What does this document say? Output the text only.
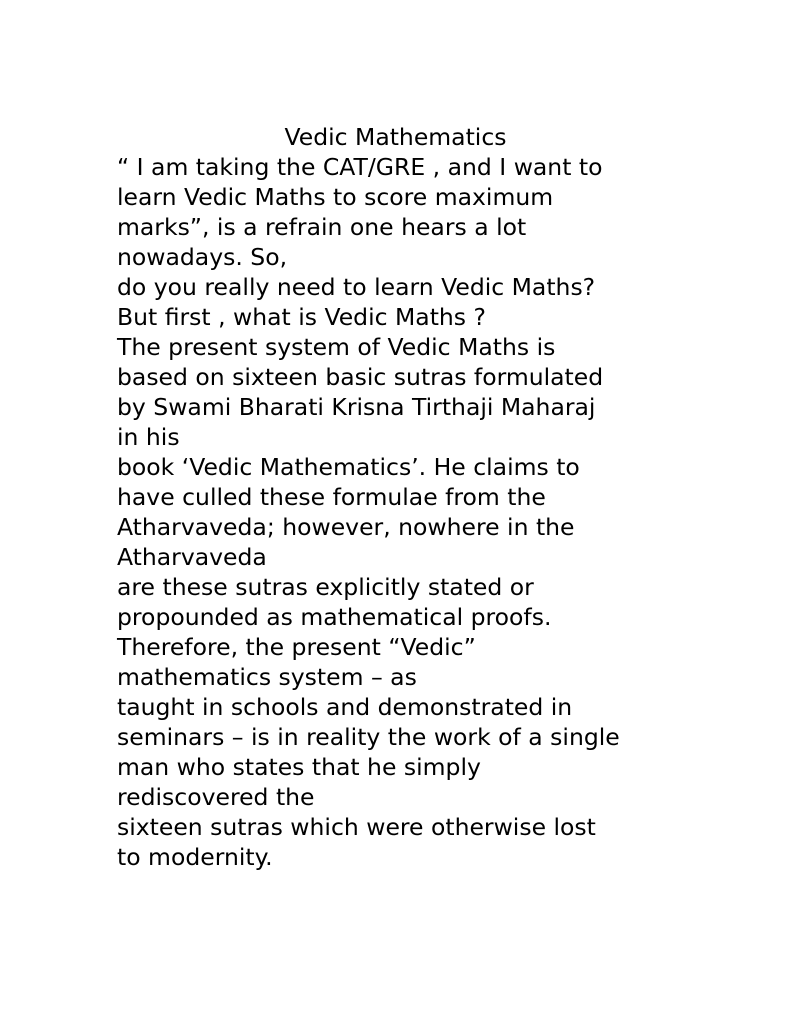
Vedic Mathematics
“ I am taking the CAT/GRE , and I want to
learn Vedic Maths to score maximum
marks”, is a refrain one hears a lot
nowadays. So,
do you really need to learn Vedic Maths?
But first , what is Vedic Maths ?
The present system of Vedic Maths is
based on sixteen basic sutras formulated
by Swami Bharati Krisna Tirthaji Maharaj
in his
book ‘Vedic Mathematics’. He claims to
have culled these formulae from the
Atharvaveda; however, nowhere in the
Atharvaveda
are these sutras explicitly stated or
propounded as mathematical proofs.
Therefore, the present “Vedic”
mathematics system – as
taught in schools and demonstrated in
seminars – is in reality the work of a single
man who states that he simply
rediscovered the
sixteen sutras which were otherwise lost
to modernity.
